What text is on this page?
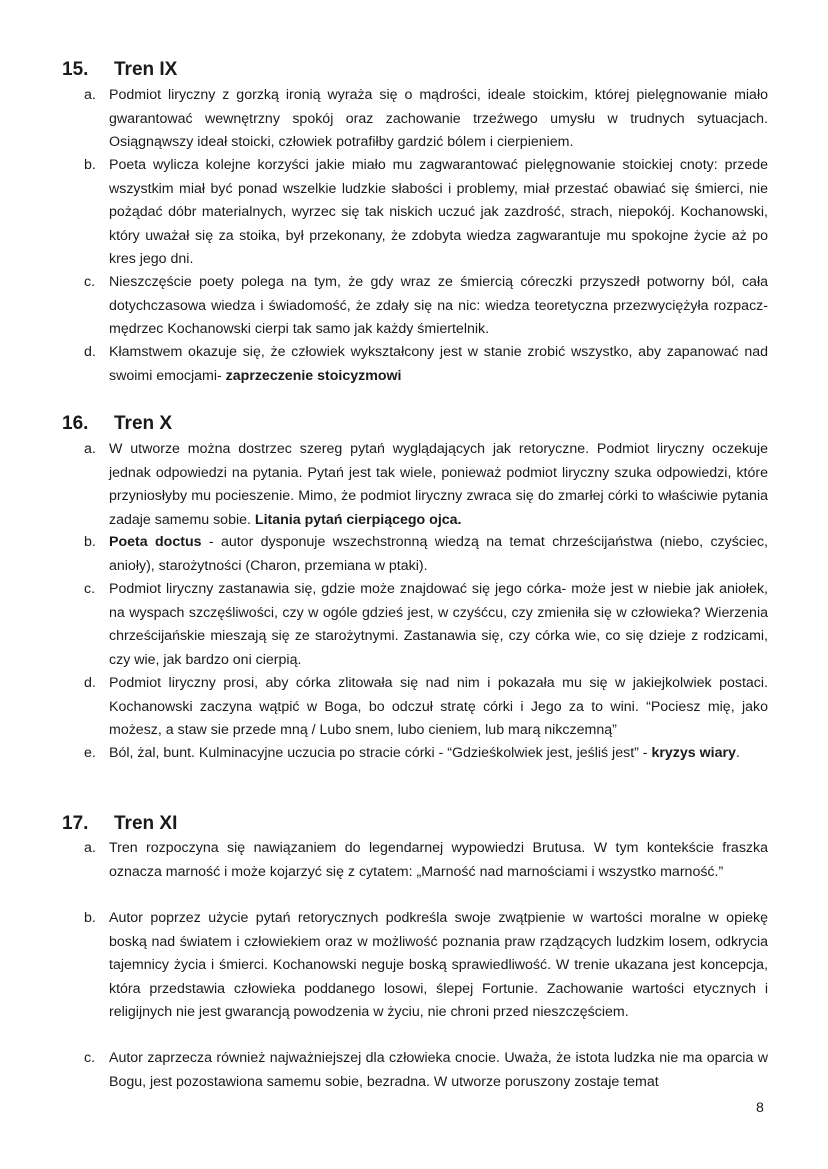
15. Tren IX
a. Podmiot liryczny z gorzką ironią wyraża się o mądrości, ideale stoickim, której pielęgnowanie miało gwarantować wewnętrzny spokój oraz zachowanie trzeźwego umysłu w trudnych sytuacjach. Osiągnąwszy ideał stoicki, człowiek potrafiłby gardzić bólem i cierpieniem.
b. Poeta wylicza kolejne korzyści jakie miało mu zagwarantować pielęgnowanie stoickiej cnoty: przede wszystkim miał być ponad wszelkie ludzkie słabości i problemy, miał przestać obawiać się śmierci, nie pożądać dóbr materialnych, wyrzec się tak niskich uczuć jak zazdrość, strach, niepokój. Kochanowski, który uważał się za stoika, był przekonany, że zdobyta wiedza zagwarantuje mu spokojne życie aż po kres jego dni.
c. Nieszczęście poety polega na tym, że gdy wraz ze śmiercią córeczki przyszedł potworny ból, cała dotychczasowa wiedza i świadomość, że zdały się na nic: wiedza teoretyczna przezwyciężyła rozpacz- mędrzec Kochanowski cierpi tak samo jak każdy śmiertelnik.
d. Kłamstwem okazuje się, że człowiek wykształcony jest w stanie zrobić wszystko, aby zapanować nad swoimi emocjami- zaprzeczenie stoicyzmowi
16. Tren X
a. W utworze można dostrzec szereg pytań wyglądających jak retoryczne. Podmiot liryczny oczekuje jednak odpowiedzi na pytania. Pytań jest tak wiele, ponieważ podmiot liryczny szuka odpowiedzi, które przyniosłyby mu pocieszenie. Mimo, że podmiot liryczny zwraca się do zmarłej córki to właściwie pytania zadaje samemu sobie. Litania pytań cierpiącego ojca.
b. Poeta doctus - autor dysponuje wszechstronną wiedzą na temat chrześcijaństwa (niebo, czyściec, anioły), starożytności (Charon, przemiana w ptaki).
c. Podmiot liryczny zastanawia się, gdzie może znajdować się jego córka- może jest w niebie jak aniołek, na wyspach szczęśliwości, czy w ogóle gdzieś jest, w czyśćcu, czy zmieniła się w człowieka? Wierzenia chrześcijańskie mieszają się ze starożytnymi. Zastanawia się, czy córka wie, co się dzieje z rodzicami, czy wie, jak bardzo oni cierpią.
d. Podmiot liryczny prosi, aby córka zlitowała się nad nim i pokazała mu się w jakiejkolwiek postaci. Kochanowski zaczyna wątpić w Boga, bo odczuł stratę córki i Jego za to wini. “Pociesz mię, jako możesz, a staw sie przede mną / Lubo snem, lubo cieniem, lub marą nikczemną”
e. Ból, żal, bunt. Kulminacyjne uczucia po stracie córki - “Gdzieśkolwiek jest, jeśliś jest” - kryzys wiary.
17. Tren XI
a. Tren rozpoczyna się nawiązaniem do legendarnej wypowiedzi Brutusa. W tym kontekście fraszka oznacza marność i może kojarzyć się z cytatem: „Marność nad marnościami i wszystko marność.”
b. Autor poprzez użycie pytań retorycznych podkreśla swoje zwątpienie w wartości moralne w opiekę boską nad światem i człowiekiem oraz w możliwość poznania praw rządzących ludzkim losem, odkrycia tajemnicy życia i śmierci. Kochanowski neguje boską sprawiedliwość. W trenie ukazana jest koncepcja, która przedstawia człowieka poddanego losowi, ślepej Fortunie. Zachowanie wartości etycznych i religijnych nie jest gwarancją powodzenia w życiu, nie chroni przed nieszczęściem.
c. Autor zaprzecza również najważniejszej dla człowieka cnocie. Uważa, że istota ludzka nie ma oparcia w Bogu, jest pozostawiona samemu sobie, bezradna. W utworze poruszony zostaje temat
8
